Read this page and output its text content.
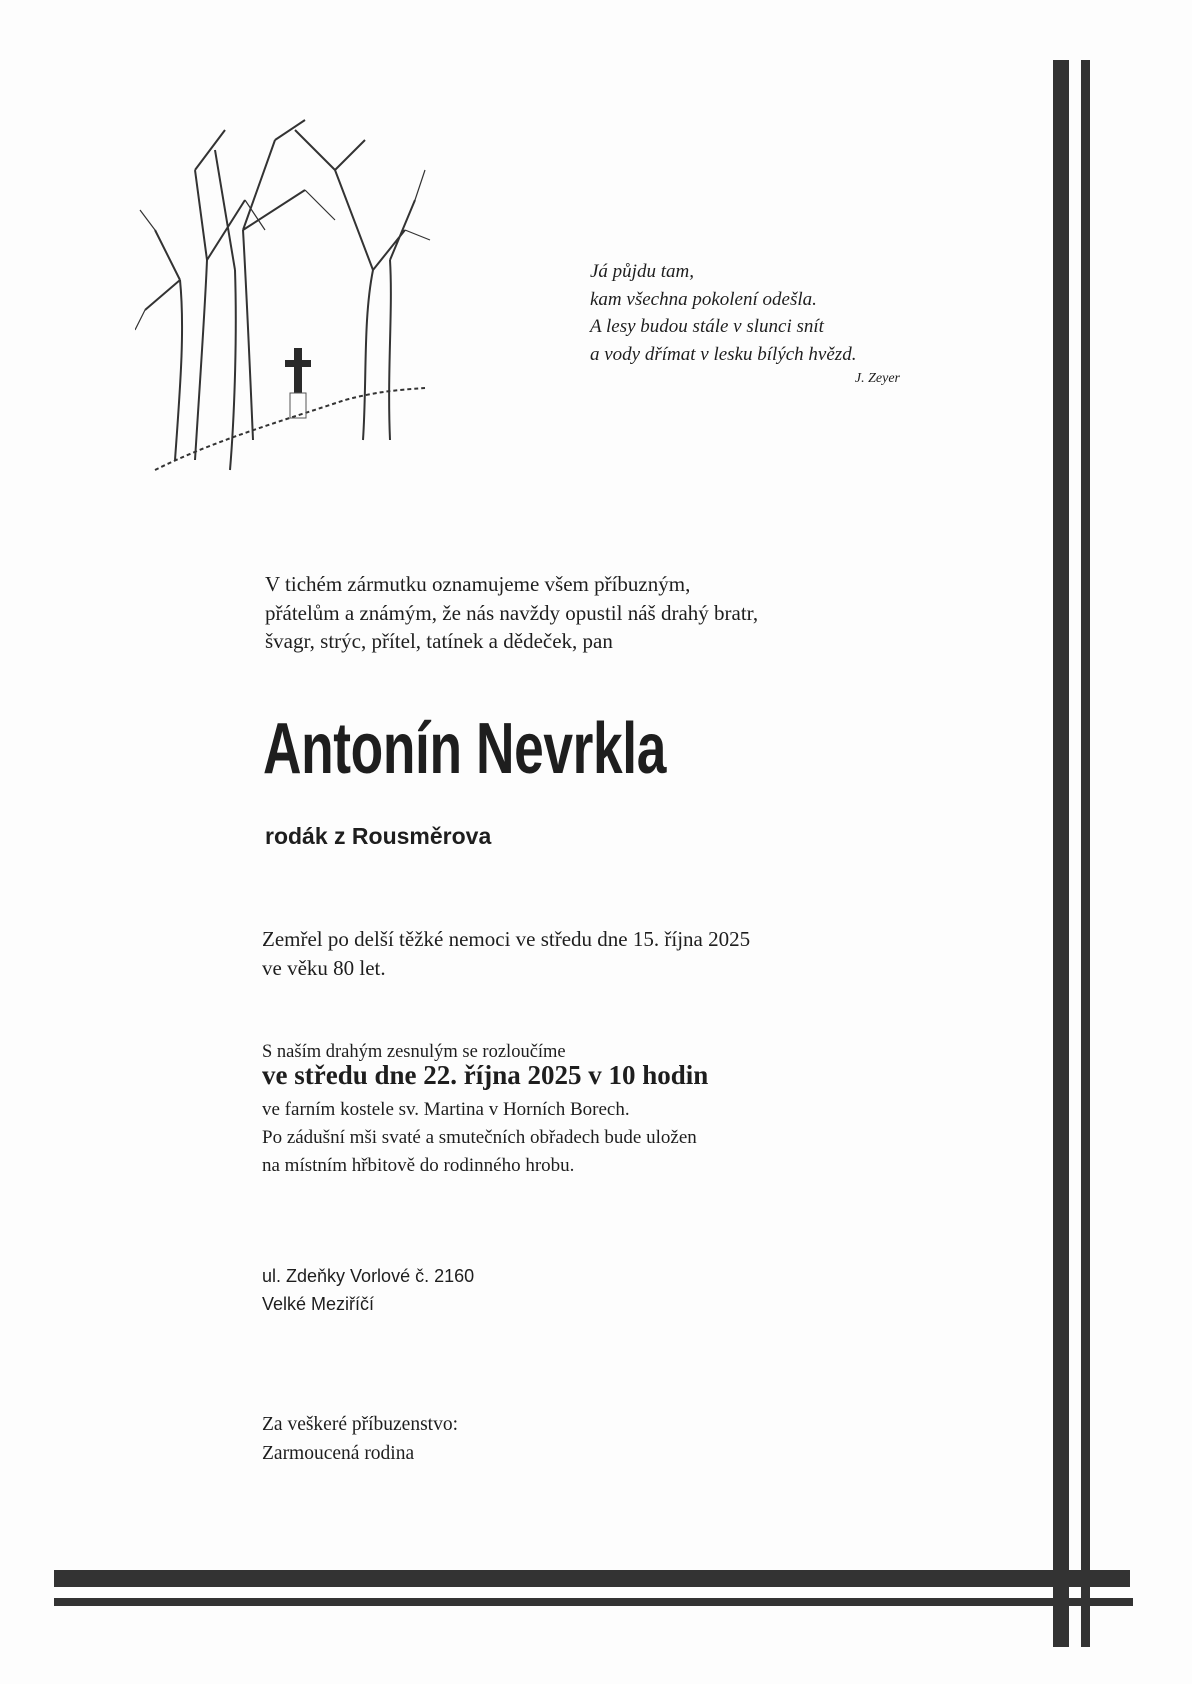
Já půjdu tam,
kam všechna pokolení odešla.
A lesy budou stále v slunci snít
a vody dřímat v lesku bílých hvězd.
J. Zeyer
V tichém zármutku oznamujeme všem příbuzným,
přátelům a známým, že nás navždy opustil náš drahý bratr,
švagr, strýc, přítel, tatínek a dědeček, pan
Antonín Nevrkla
rodák z Rousměrova
Zemřel po delší těžké nemoci ve středu dne 15. října 2025
ve věku 80 let.
S naším drahým zesnulým se rozloučíme
ve středu dne 22. října 2025 v 10 hodin
ve farním kostele sv. Martina v Horních Borech.
Po zádušní mši svaté a smutečních obřadech bude uložen
na místním hřbitově do rodinného hrobu.
ul. Zdeňky Vorlové č. 2160
Velké Meziříčí
Za veškeré příbuzenstvo:
Zarmoucená rodina
